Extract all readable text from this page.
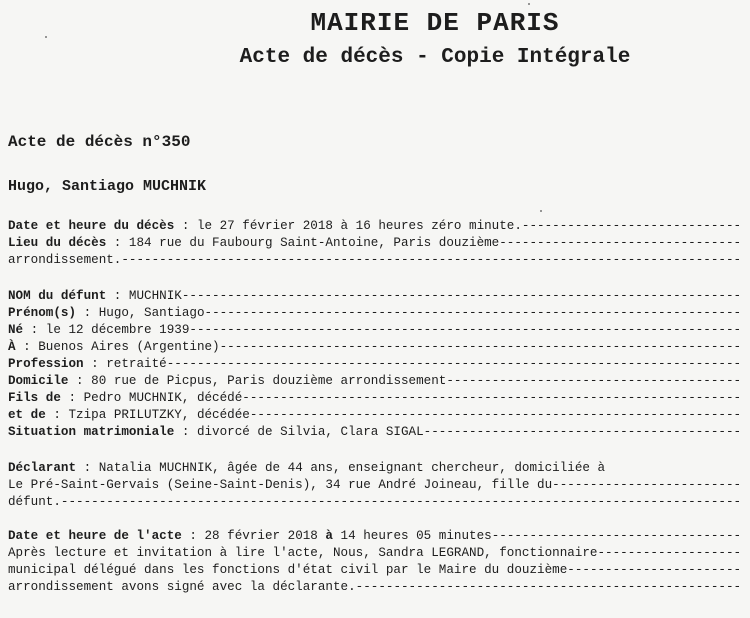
MAIRIE DE PARIS
Acte de décès - Copie Intégrale
Acte de décès n°350
Hugo, Santiago MUCHNIK
Date et heure du décès : le 27 février 2018 à 16 heures zéro minute.
-----
Lieu du décès : 184 rue du Faubourg Saint-Antoine, Paris douzième
-----
arrondissement.
-----
NOM du défunt : MUCHNIK
-----
Prénom(s) : Hugo, Santiago
-----
Né : le 12 décembre 1939
-----
À : Buenos Aires (Argentine)
-----
Profession : retraité
-----
Domicile : 80 rue de Picpus, Paris douzième arrondissement
-----
Fils de : Pedro MUCHNIK, décédé
-----
et de : Tzipa PRILUTZKY, décédée
-----
Situation matrimoniale : divorcé de Silvia, Clara SIGAL
-----
Déclarant : Natalia MUCHNIK, âgée de 44 ans, enseignant chercheur, domiciliée à
Le Pré-Saint-Gervais (Seine-Saint-Denis), 34 rue André Joineau, fille du
-----
défunt.
-----
Date et heure de l'acte : 28 février 2018 à 14 heures 05 minutes
-----
Après lecture et invitation à lire l'acte, Nous, Sandra LEGRAND, fonctionnaire
-----
municipal délégué dans les fonctions d'état civil par le Maire du douzième
-----
arrondissement avons signé avec la déclarante.
-----
